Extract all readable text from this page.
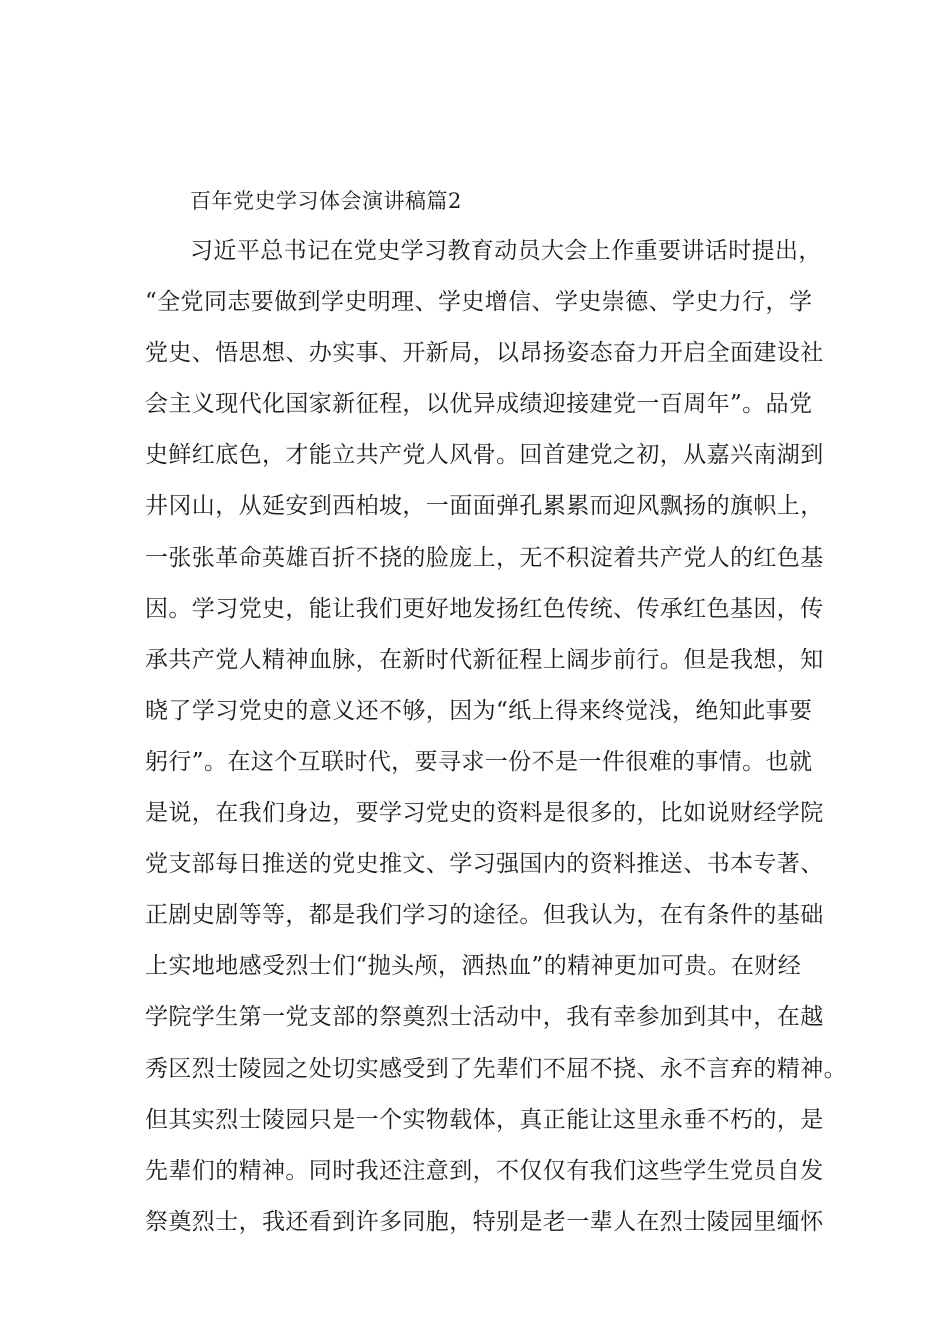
百年党史学习体会演讲稿篇2
习近平总书记在党史学习教育动员大会上作重要讲话时提出，
“全党同志要做到学史明理、学史增信、学史崇德、学史力行，学
党史、悟思想、办实事、开新局，以昂扬姿态奋力开启全面建设社
会主义现代化国家新征程，以优异成绩迎接建党一百周年”。品党
史鲜红底色，才能立共产党人风骨。回首建党之初，从嘉兴南湖到
井冈山，从延安到西柏坡，一面面弹孔累累而迎风飘扬的旗帜上，
一张张革命英雄百折不挠的脸庞上，无不积淀着共产党人的红色基
因。学习党史，能让我们更好地发扬红色传统、传承红色基因，传
承共产党人精神血脉，在新时代新征程上阔步前行。但是我想，知
晓了学习党史的意义还不够，因为“纸上得来终觉浅，绝知此事要
躬行”。在这个互联时代，要寻求一份不是一件很难的事情。也就
是说，在我们身边，要学习党史的资料是很多的，比如说财经学院
党支部每日推送的党史推文、学习强国内的资料推送、书本专著、
正剧史剧等等，都是我们学习的途径。但我认为，在有条件的基础
上实地地感受烈士们“抛头颅，洒热血”的精神更加可贵。在财经
学院学生第一党支部的祭奠烈士活动中，我有幸参加到其中，在越
秀区烈士陵园之处切实感受到了先辈们不屈不挠、永不言弃的精神。
但其实烈士陵园只是一个实物载体，真正能让这里永垂不朽的，是
先辈们的精神。同时我还注意到，不仅仅有我们这些学生党员自发
祭奠烈士，我还看到许多同胞，特别是老一辈人在烈士陵园里缅怀
